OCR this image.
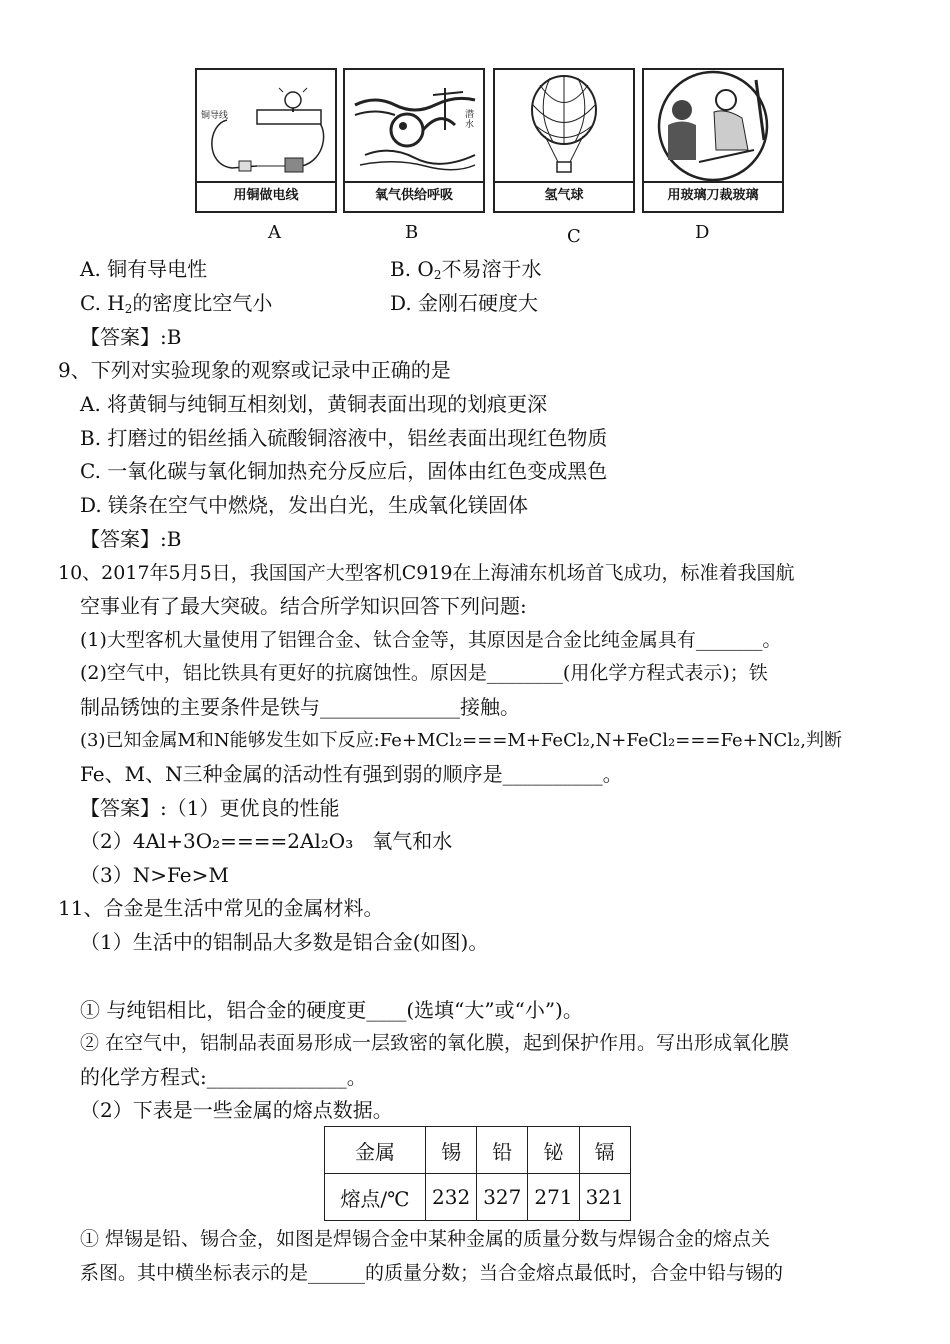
铜导线
用铜做电线
潜水
氧气供给呼吸	氢气球	用玻璃刀裁玻璃
A	B	C	D
A. 铜有导电性	B. $O_2$不易溶于水
C. $H_2$的密度比空气小	D. 金刚石硬度大
【答案】:B
9、下列对实验现象的观察或记录中正确的是
A. 将黄铜与纯铜互相刻划，黄铜表面出现的划痕更深
B. 打磨过的铝丝插入硫酸铜溶液中，铝丝表面出现红色物质
C. 一氧化碳与氧化铜加热充分反应后，固体由红色变成黑色
D. 镁条在空气中燃烧，发出白光，生成氧化镁固体
【答案】:B
10、2017年5月5日，我国国产大型客机C919在上海浦东机场首飞成功，标准着我国航
空事业有了最大突破。结合所学知识回答下列问题:
(1)大型客机大量使用了铝锂合金、钛合金等，其原因是合金比纯金属具有_______。
(2)空气中，铝比铁具有更好的抗腐蚀性。原因是________(用化学方程式表示)；铁
制品锈蚀的主要条件是铁与______________接触。
(3)已知金属M和N能够发生如下反应:Fe+MCl₂===M+FeCl₂,N+FeCl₂===Fe+NCl₂,判断
Fe、M、N三种金属的活动性有强到弱的顺序是__________。
【答案】:（1）更优良的性能
（2）4Al+3O₂====2Al₂O₃   氧气和水
（3）N>Fe>M
11、合金是生活中常见的金属材料。
（1）生活中的铝制品大多数是铝合金(如图)。
① 与纯铝相比，铝合金的硬度更____(选填“大”或“小”)。
② 在空气中，铝制品表面易形成一层致密的氧化膜，起到保护作用。写出形成氧化膜
的化学方程式:______________。
（2）下表是一些金属的熔点数据。
金属	锡	铅	铋	镉
熔点/℃	232	327	271	321
① 焊锡是铅、锡合金，如图是焊锡合金中某种金属的质量分数与焊锡合金的熔点关
系图。其中横坐标表示的是______的质量分数；当合金熔点最低时，合金中铅与锡的
